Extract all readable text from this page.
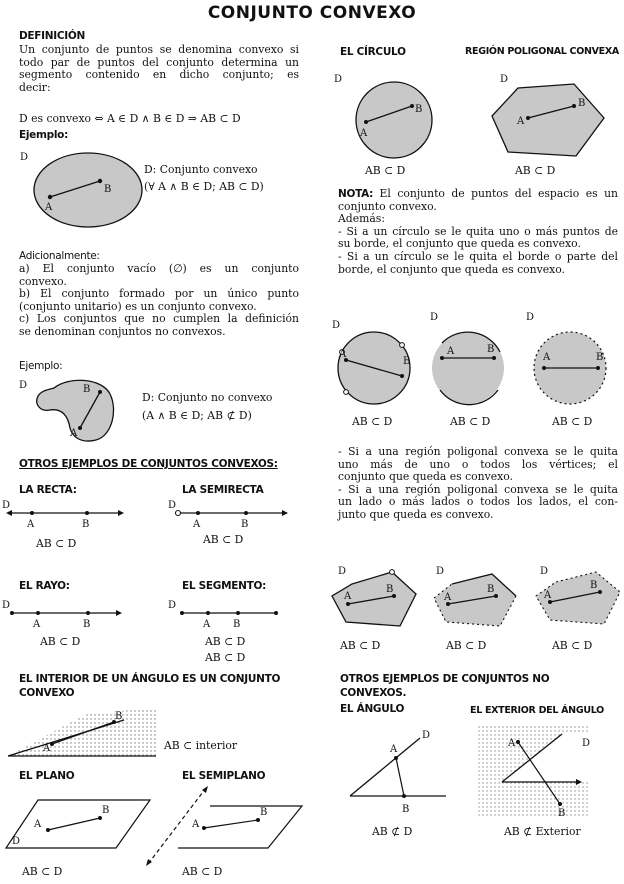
CONJUNTO CONVEXO
DEFINICIÓN
Un conjunto de puntos se denomina convexo si
todo par de puntos del conjunto determina un
segmento contenido en dicho conjunto; es
decir:
D es convexo ⇔ A ∈ D ∧ B ∈ D ⇒ AB ⊂ D
Ejemplo:
D
A
B
D: Conjunto convexo
(∀ A ∧ B ∈ D; AB ⊂ D)
Adicionalmente:
a) El conjunto vacío (∅) es un conjunto
convexo.
b) El conjunto formado por un único punto
(conjunto unitario) es un conjunto convexo.
c) Los conjuntos que no cumplen la definición
se denominan conjuntos no convexos.
Ejemplo:
D
A
B
D: Conjunto no convexo
(A ∧ B ∈ D; AB ⊄ D)
OTROS EJEMPLOS DE CONJUNTOS CONVEXOS:
LA RECTA:	LA SEMIRECTA
D
A	B
AB ⊂ D
D
A	B
AB ⊂ D
EL RAYO:	EL SEGMENTO:
D
A	B
AB ⊂ D
D
A B
AB ⊂ D
AB ⊂ D
EL INTERIOR DE UN ÁNGULO ES UN CONJUNTO
CONVEXO
A
B
AB ⊂ interior
EL PLANO	EL SEMIPLANO
A
B
D
AB ⊂ D
A
B
AB ⊂ D
EL CÍRCULO	REGIÓN POLIGONAL CONVEXA
D
A
B
AB ⊂ D
D
A
B
AB ⊂ D
NOTA: El conjunto de puntos del espacio es un
conjunto convexo.
Además:
- Si a un círculo se le quita uno o más puntos de
su borde, el conjunto que queda es convexo.
- Si a un círculo se le quita el borde o parte del
borde, el conjunto que queda es convexo.
D
A
B
D
A	B
D
A	B
AB ⊂ D	AB ⊂ D	AB ⊂ D
- Si a una región poligonal convexa se le quita
uno más de uno o todos los vértices; el
conjunto que queda es convexo.
- Si a una región poligonal convexa se le quita
un lado o más lados o todos los lados, el con-
junto que queda es convexo.
D
A
B
D
A
B
D
A
B
AB ⊂ D	AB ⊂ D	AB ⊂ D
OTROS EJEMPLOS DE CONJUNTOS NO
CONVEXOS.
EL ÁNGULO	EL EXTERIOR DEL ÁNGULO
D
A
B
AB ⊄ D
A
B
D
AB ⊄ Exterior
